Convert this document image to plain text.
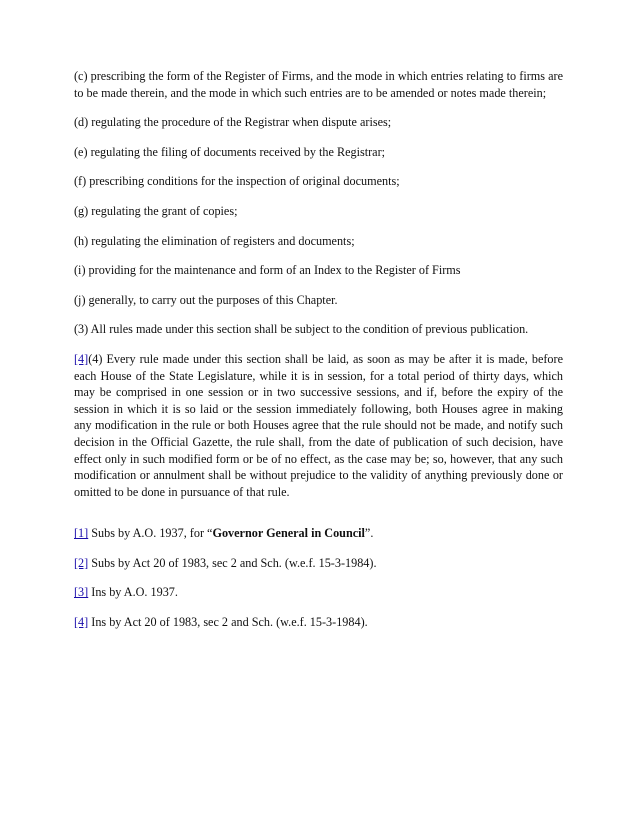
(c) prescribing the form of the Register of Firms, and the mode in which entries relating to firms are to be made therein, and the mode in which such entries are to be amended or notes made therein;

(d) regulating the procedure of the Registrar when dispute arises;

(e) regulating the filing of documents received by the Registrar;

(f) prescribing conditions for the inspection of original documents;

(g) regulating the grant of copies;

(h) regulating the elimination of registers and documents;

(i) providing for the maintenance and form of an Index to the Register of Firms

(j) generally, to carry out the purposes of this Chapter.

(3) All rules made under this section shall be subject to the condition of previous publication.

[4](4) Every rule made under this section shall be laid, as soon as may be after it is made, before each House of the State Legislature, while it is in session, for a total period of thirty days, which may be comprised in one session or in two successive sessions, and if, before the expiry of the session in which it is so laid or the session immediately following, both Houses agree in making any modification in the rule or both Houses agree that the rule should not be made, and notify such decision in the Official Gazette, the rule shall, from the date of publication of such decision, have effect only in such modified form or be of no effect, as the case may be; so, however, that any such modification or annulment shall be without prejudice to the validity of anything previously done or omitted to be done in pursuance of that rule.

[1] Subs by A.O. 1937, for “Governor General in Council”.

[2] Subs by Act 20 of 1983, sec 2 and Sch. (w.e.f. 15-3-1984).

[3] Ins by A.O. 1937.

[4] Ins by Act 20 of 1983, sec 2 and Sch. (w.e.f. 15-3-1984).
